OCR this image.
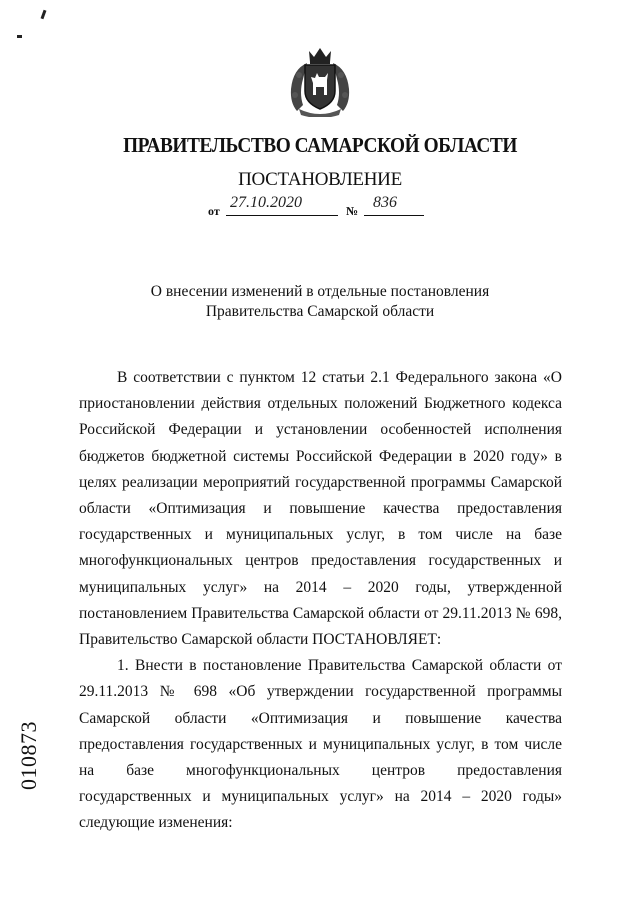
ПРАВИТЕЛЬСТВО САМАРСКОЙ ОБЛАСТИ
ПОСТАНОВЛЕНИЕ
от 27.10.2020	№ 836
О внесении изменений в отдельные постановления
Правительства Самарской области

В соответствии с пунктом 12 статьи 2.1 Федерального закона «О приостановлении действия отдельных положений Бюджетного кодекса Российской Федерации и установлении особенностей исполнения бюджетов бюджетной системы Российской Федерации в 2020 году» в целях реализации мероприятий государственной программы Самарской области «Оптимизация и повышение качества предоставления государственных и муниципальных услуг, в том числе на базе многофункциональных центров предоставления государственных и муниципальных услуг» на 2014 – 2020 годы, утвержденной постановлением Правительства Самарской области от 29.11.2013 № 698, Правительство Самарской области ПОСТАНОВЛЯЕТ:

1. Внести в постановление Правительства Самарской области от 29.11.2013 № 698 «Об утверждении государственной программы Самарской области «Оптимизация и повышение качества предоставления государственных и муниципальных услуг, в том числе на базе многофункциональных центров предоставления государственных и муниципальных услуг» на 2014 – 2020 годы» следующие изменения:

010873
